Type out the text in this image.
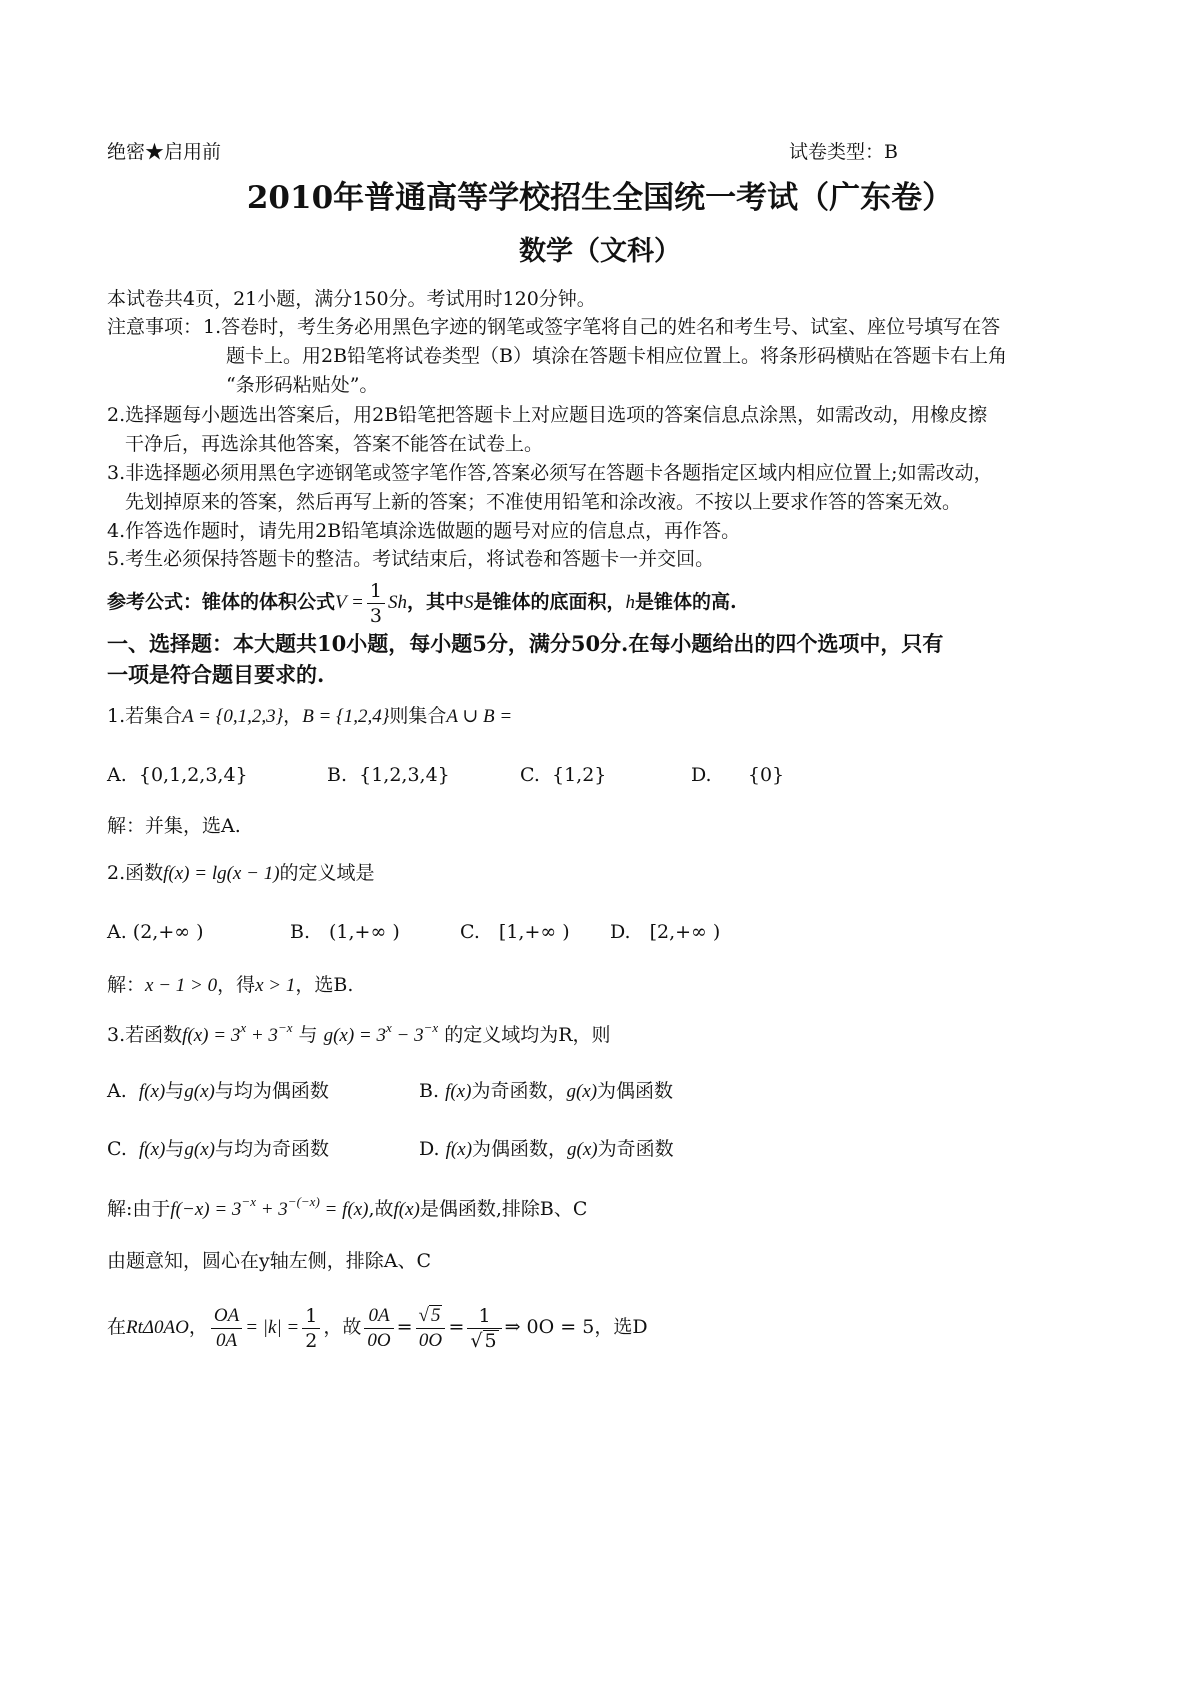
绝密★启用前	试卷类型：B
2010年普通高等学校招生全国统一考试（广东卷）
数学（文科）
本试卷共4页，21小题，满分150分。考试用时120分钟。
注意事项： 1.答卷时，考生务必用黑色字迹的钢笔或签字笔将自己的姓名和考生号、试室、座位号填写在答
题卡上。用2B铅笔将试卷类型（B）填涂在答题卡相应位置上。将条形码横贴在答题卡右上角
“条形码粘贴处”。
2.选择题每小题选出答案后，用2B铅笔把答题卡上对应题目选项的答案信息点涂黑，如需改动，用橡皮擦
干净后，再选涂其他答案，答案不能答在试卷上。
3.非选择题必须用黑色字迹钢笔或签字笔作答,答案必须写在答题卡各题指定区域内相应位置上;如需改动，
先划掉原来的答案，然后再写上新的答案；不准使用铅笔和涂改液。不按以上要求作答的答案无效。
4.作答选作题时，请先用2B铅笔填涂选做题的题号对应的信息点，再作答。
5.考生必须保持答题卡的整洁。考试结束后，将试卷和答题卡一并交回。
参考公式：锥体的体积公式$V = \frac{1}{3}$ Sh，其中S是锥体的底面积，h是锥体的高.
一、选择题：本大题共10小题，每小题5分，满分50分.在每小题给出的四个选项中，只有
一项是符合题目要求的.
1.若集合A = {0,1,2,3}，B = {1,2,4}则集合A ∪ B =
A. {0,1,2,3,4}	B. {1,2,3,4}	C. {1,2}	D. {0}
解：并集，选A.
2.函数f(x) = lg(x − 1)的定义域是
A. (2,+∞ )	B.　(1,+∞ )	C.　[1,+∞ ) D.　[2,+∞ )
解：x − 1 > 0，得x > 1，选B.
3.若函数$f(x) = 3^x + 3^{-x}$ 与 $g(x) = 3^x - 3^{-x}$ 的定义域均为R，则
A. f(x)与g(x)与均为偶函数	B. f(x)为奇函数，g(x)为偶函数
C. f(x)与g(x)与均为奇函数	D. f(x)为偶函数，g(x)为奇函数
解:由于$f(-x) = 3^{-x} + 3^{-(-x)} = f(x)$,故f(x)是偶函数,排除B、C
由题意知，圆心在y轴左侧，排除A、C
在RtΔ0AO， $\frac{OA}{0A} = |k| = \frac{1}{2}$ ，故 $\frac{0A}{0O} = \frac{√ 5}{0O} = \frac{1}{√ 5}$ ⇒ 0O = 5，选D
